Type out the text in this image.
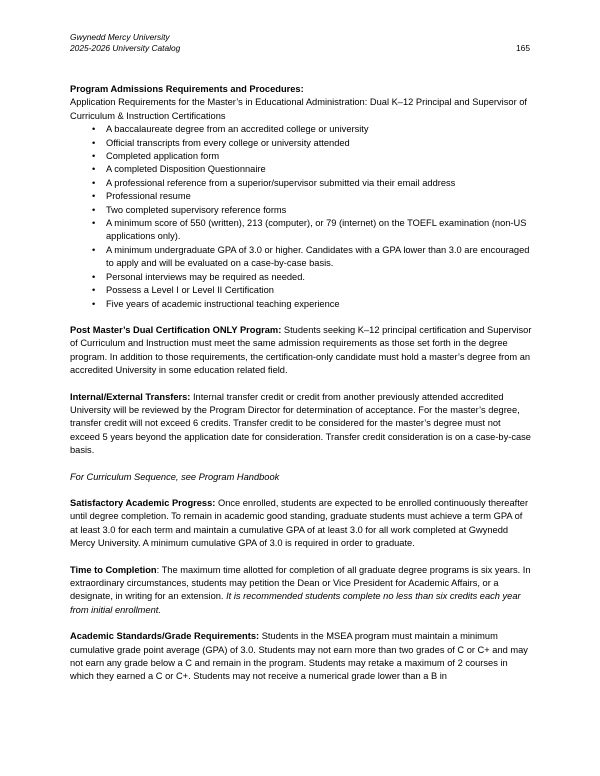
Gwynedd Mercy University
2025-2026 University Catalog	165

Program Admissions Requirements and Procedures:

Application Requirements for the Master’s in Educational Administration: Dual K–12 Principal and Supervisor of Curriculum & Instruction Certifications

• A baccalaureate degree from an accredited college or university
• Official transcripts from every college or university attended
• Completed application form
• A completed Disposition Questionnaire
• A professional reference from a superior/supervisor submitted via their email address
• Professional resume
• Two completed supervisory reference forms
• A minimum score of 550 (written), 213 (computer), or 79 (internet) on the TOEFL examination (non-US applications only).
• A minimum undergraduate GPA of 3.0 or higher. Candidates with a GPA lower than 3.0 are encouraged to apply and will be evaluated on a case-by-case basis.
• Personal interviews may be required as needed.
• Possess a Level I or Level II Certification
• Five years of academic instructional teaching experience

Post Master’s Dual Certification ONLY Program: Students seeking K–12 principal certification and Supervisor of Curriculum and Instruction must meet the same admission requirements as those set forth in the degree program. In addition to those requirements, the certification-only candidate must hold a master’s degree from an accredited University in some education related field.

Internal/External Transfers: Internal transfer credit or credit from another previously attended accredited University will be reviewed by the Program Director for determination of acceptance. For the master’s degree, transfer credit will not exceed 6 credits. Transfer credit to be considered for the master’s degree must not exceed 5 years beyond the application date for consideration. Transfer credit consideration is on a case-by-case basis.

For Curriculum Sequence, see Program Handbook

Satisfactory Academic Progress: Once enrolled, students are expected to be enrolled continuously thereafter until degree completion. To remain in academic good standing, graduate students must achieve a term GPA of at least 3.0 for each term and maintain a cumulative GPA of at least 3.0 for all work completed at Gwynedd Mercy University. A minimum cumulative GPA of 3.0 is required in order to graduate.

Time to Completion: The maximum time allotted for completion of all graduate degree programs is six years. In extraordinary circumstances, students may petition the Dean or Vice President for Academic Affairs, or a designate, in writing for an extension. It is recommended students complete no less than six credits each year from initial enrollment.

Academic Standards/Grade Requirements: Students in the MSEA program must maintain a minimum cumulative grade point average (GPA) of 3.0. Students may not earn more than two grades of C or C+ and may not earn any grade below a C and remain in the program. Students may retake a maximum of 2 courses in which they earned a C or C+. Students may not receive a numerical grade lower than a B in
